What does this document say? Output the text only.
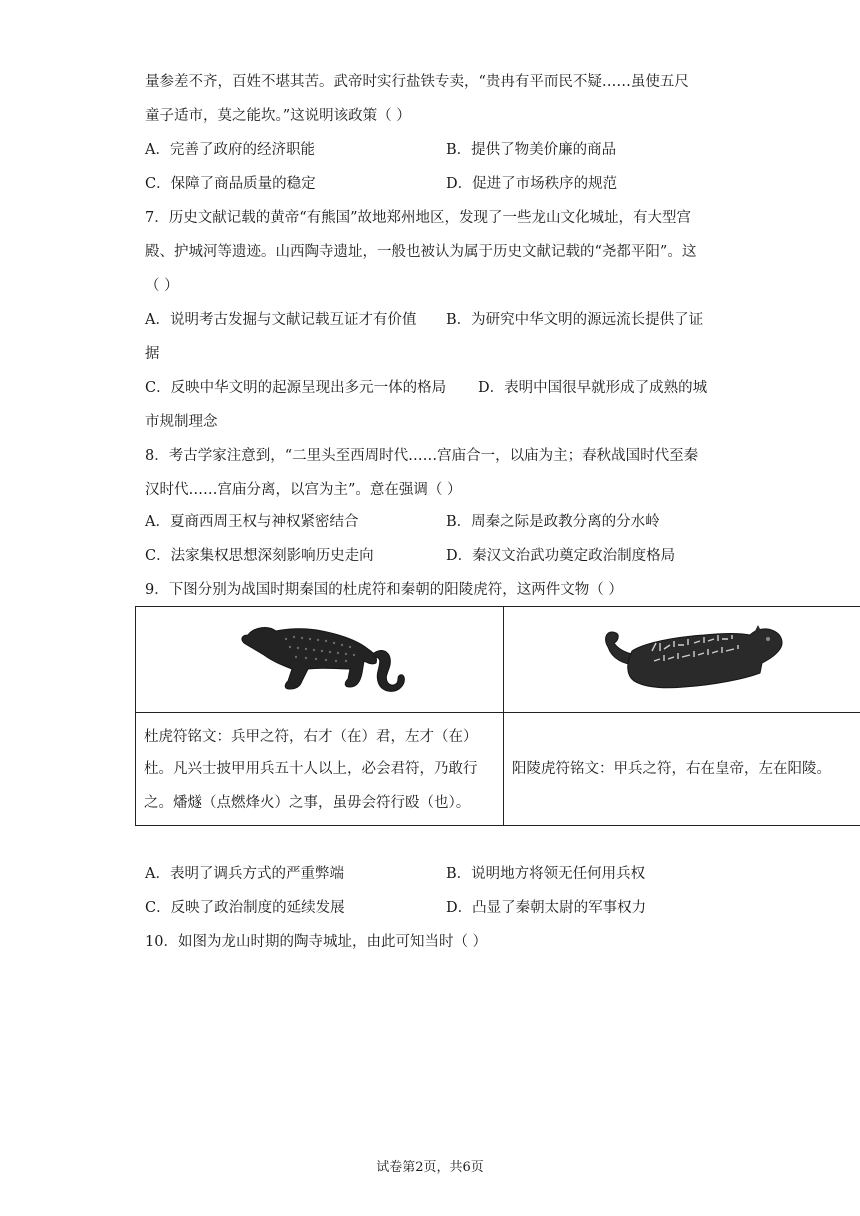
量参差不齐，百姓不堪其苦。武帝时实行盐铁专卖，“贵冉有平而民不疑……虽使五尺
童子适市，莫之能坎。”这说明该政策（ ）
A．完善了政府的经济职能	B．提供了物美价廉的商品
C．保障了商品质量的稳定	D．促进了市场秩序的规范
7．历史文献记载的黄帝“有熊国”故地郑州地区，发现了一些龙山文化城址，有大型宫
殿、护城河等遗迹。山西陶寺遗址，一般也被认为属于历史文献记载的“尧都平阳”。这
（ ）
A．说明考古发掘与文献记载互证才有价值 B．为研究中华文明的源远流长提供了证
据
C．反映中华文明的起源呈现出多元一体的格局 D．表明中国很早就形成了成熟的城
市规制理念
8．考古学家注意到，“二里头至西周时代……宫庙合一，以庙为主；春秋战国时代至秦
汉时代……宫庙分离，以宫为主”。意在强调（ ）
A．夏商西周王权与神权紧密结合	B．周秦之际是政教分离的分水岭
C．法家集权思想深刻影响历史走向	D．秦汉文治武功奠定政治制度格局
9．下图分别为战国时期秦国的杜虎符和秦朝的阳陵虎符，这两件文物（ ）

杜虎符铭文：兵甲之符，右才（在）君，左才（在）
杜。凡兴士披甲用兵五十人以上，必会君符，乃敢行
之。燔燧（点燃烽火）之事，虽毋会符行殴（也）。	阳陵虎符铭文：甲兵之符，右在皇帝，左在阳陵。
A．表明了调兵方式的严重弊端	B．说明地方将领无任何用兵权
C．反映了政治制度的延续发展	D．凸显了秦朝太尉的军事权力
10．如图为龙山时期的陶寺城址，由此可知当时（ ）
试卷第2页，共6页
